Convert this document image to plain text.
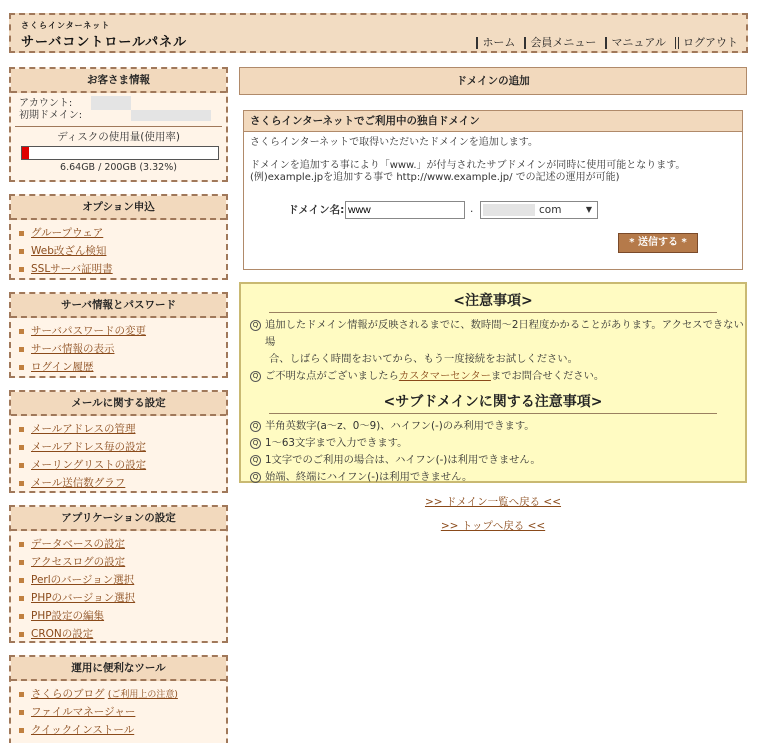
さくらインターネット
サーバコントロールパネル	ホーム	会員メニュー	マニュアル	ログアウト
お客さま情報
アカウント:
初期ドメイン:
ディスクの使用量(使用率)
6.64GB / 200GB (3.32%)
オプション申込
グループウェア
Web改ざん検知
SSLサーバ証明書
サーバ情報とパスワード
サーバパスワードの変更
サーバ情報の表示
ログイン履歴
メールに関する設定
メールアドレスの管理
メールアドレス毎の設定
メーリングリストの設定
メール送信数グラフ
アプリケーションの設定
データベースの設定
アクセスログの設定
Perlのバージョン選択
PHPのバージョン選択
PHP設定の編集
CRONの設定
運用に便利なツール
さくらのブログ (ご利用上の注意)
ファイルマネージャー
クイックインストール
ドメインの追加
さくらインターネットでご利用中の独自ドメイン
さくらインターネットで取得いただいたドメインを追加します。
ドメインを追加する事により「www.」が付与されたサブドメインが同時に使用可能となります。
(例)example.jpを追加する事で http://www.example.jp/ での記述の運用が可能)
ドメイン名:
www	.	com	▼
* 送信する *
<注意事項>
Q 追加したドメイン情報が反映されるまでに、数時間〜2日程度かかることがあります。アクセスできない場
合、しばらく時間をおいてから、もう一度接続をお試しください。
Q ご不明な点がございましたらカスタマーセンターまでお問合せください。
<サブドメインに関する注意事項>
Q 半角英数字(a〜z、0〜9)、ハイフン(-)のみ利用できます。
Q 1〜63文字まで入力できます。
Q 1文字でのご利用の場合は、ハイフン(-)は利用できません。
Q 始端、終端にハイフン(-)は利用できません。
>> ドメイン一覧へ戻る <<
>> トップへ戻る <<
